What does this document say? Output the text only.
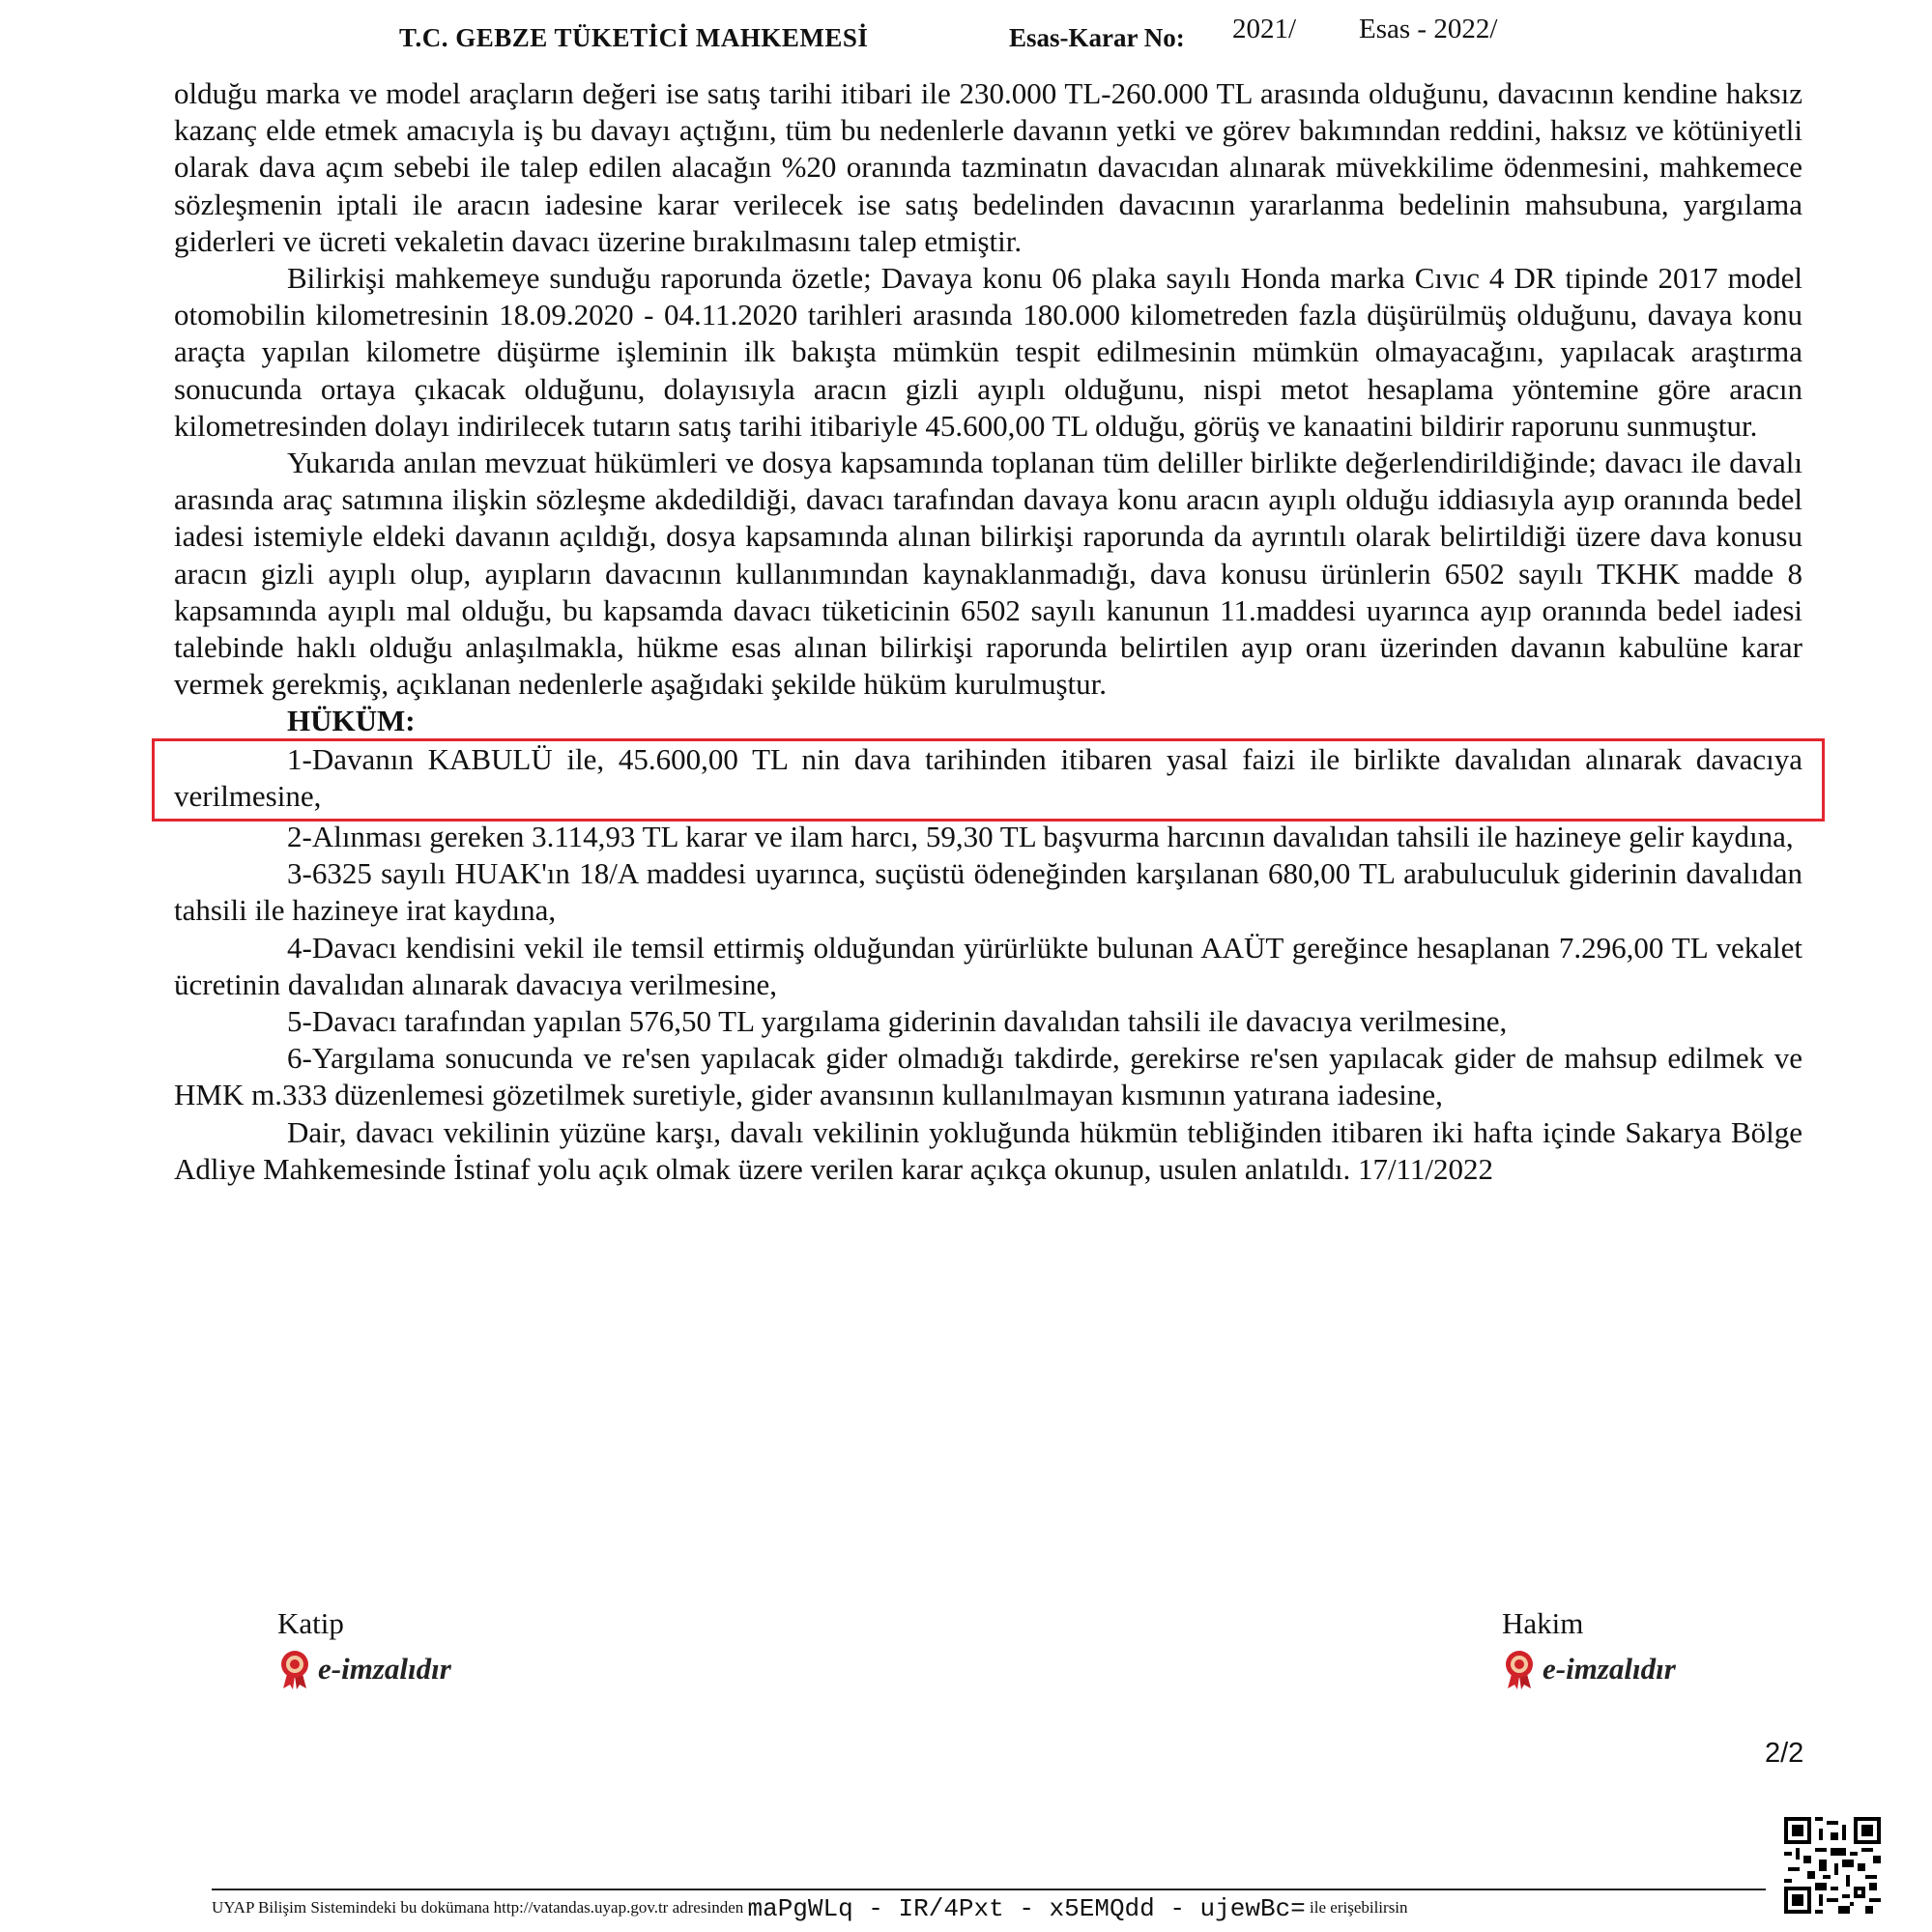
T.C. GEBZE TÜKETİCİ MAHKEMESİ	Esas-Karar No: 2021/ Esas - 2022/

olduğu marka ve model araçların değeri ise satış tarihi itibari ile 230.000 TL-260.000 TL arasında olduğunu, davacının kendine haksız kazanç elde etmek amacıyla iş bu davayı açtığını, tüm bu nedenlerle davanın yetki ve görev bakımından reddini, haksız ve kötüniyetli olarak dava açım sebebi ile talep edilen alacağın %20 oranında tazminatın davacıdan alınarak müvekkilime ödenmesini, mahkemece sözleşmenin iptali ile aracın iadesine karar verilecek ise satış bedelinden davacının yararlanma bedelinin mahsubuna, yargılama giderleri ve ücreti vekaletin davacı üzerine bırakılmasını talep etmiştir.

Bilirkişi mahkemeye sunduğu raporunda özetle; Davaya konu 06 plaka sayılı Honda marka Cıvıc 4 DR tipinde 2017 model otomobilin kilometresinin 18.09.2020 - 04.11.2020 tarihleri arasında 180.000 kilometreden fazla düşürülmüş olduğunu, davaya konu araçta yapılan kilometre düşürme işleminin ilk bakışta mümkün tespit edilmesinin mümkün olmayacağını, yapılacak araştırma sonucunda ortaya çıkacak olduğunu, dolayısıyla aracın gizli ayıplı olduğunu, nispi metot hesaplama yöntemine göre aracın kilometresinden dolayı indirilecek tutarın satış tarihi itibariyle 45.600,00 TL olduğu, görüş ve kanaatini bildirir raporunu sunmuştur.

Yukarıda anılan mevzuat hükümleri ve dosya kapsamında toplanan tüm deliller birlikte değerlendirildiğinde; davacı ile davalı arasında araç satımına ilişkin sözleşme akdedildiği, davacı tarafından davaya konu aracın ayıplı olduğu iddiasıyla ayıp oranında bedel iadesi istemiyle eldeki davanın açıldığı, dosya kapsamında alınan bilirkişi raporunda da ayrıntılı olarak belirtildiği üzere dava konusu aracın gizli ayıplı olup, ayıpların davacının kullanımından kaynaklanmadığı, dava konusu ürünlerin 6502 sayılı TKHK madde 8 kapsamında ayıplı mal olduğu, bu kapsamda davacı tüketicinin 6502 sayılı kanunun 11.maddesi uyarınca ayıp oranında bedel iadesi talebinde haklı olduğu anlaşılmakla, hükme esas alınan bilirkişi raporunda belirtilen ayıp oranı üzerinden davanın kabulüne karar vermek gerekmiş, açıklanan nedenlerle aşağıdaki şekilde hüküm kurulmuştur.

HÜKÜM:

1-Davanın KABULÜ ile, 45.600,00 TL nin dava tarihinden itibaren yasal faizi ile birlikte davalıdan alınarak davacıya verilmesine,

2-Alınması gereken 3.114,93 TL karar ve ilam harcı, 59,30 TL başvurma harcının davalıdan tahsili ile hazineye gelir kaydına,

3-6325 sayılı HUAK'ın 18/A maddesi uyarınca, suçüstü ödeneğinden karşılanan 680,00 TL arabuluculuk giderinin davalıdan tahsili ile hazineye irat kaydına,

4-Davacı kendisini vekil ile temsil ettirmiş olduğundan yürürlükte bulunan AAÜT gereğince hesaplanan 7.296,00 TL vekalet ücretinin davalıdan alınarak davacıya verilmesine,

5-Davacı tarafından yapılan 576,50 TL yargılama giderinin davalıdan tahsili ile davacıya verilmesine,

6-Yargılama sonucunda ve re'sen yapılacak gider olmadığı takdirde, gerekirse re'sen yapılacak gider de mahsup edilmek ve HMK m.333 düzenlemesi gözetilmek suretiyle, gider avansının kullanılmayan kısmının yatırana iadesine,

Dair, davacı vekilinin yüzüne karşı, davalı vekilinin yokluğunda hükmün tebliğinden itibaren iki hafta içinde Sakarya Bölge Adliye Mahkemesinde İstinaf yolu açık olmak üzere verilen karar açıkça okunup, usulen anlatıldı. 17/11/2022

Katip
e-imzalıdır
Hakim
e-imzalıdır
2/2
UYAP Bilişim Sistemindeki bu dokümana http://vatandas.uyap.gov.tr adresinden maPgWLq - IR/4Pxt - x5EMQdd - ujewBc= ile erişebilirsin
